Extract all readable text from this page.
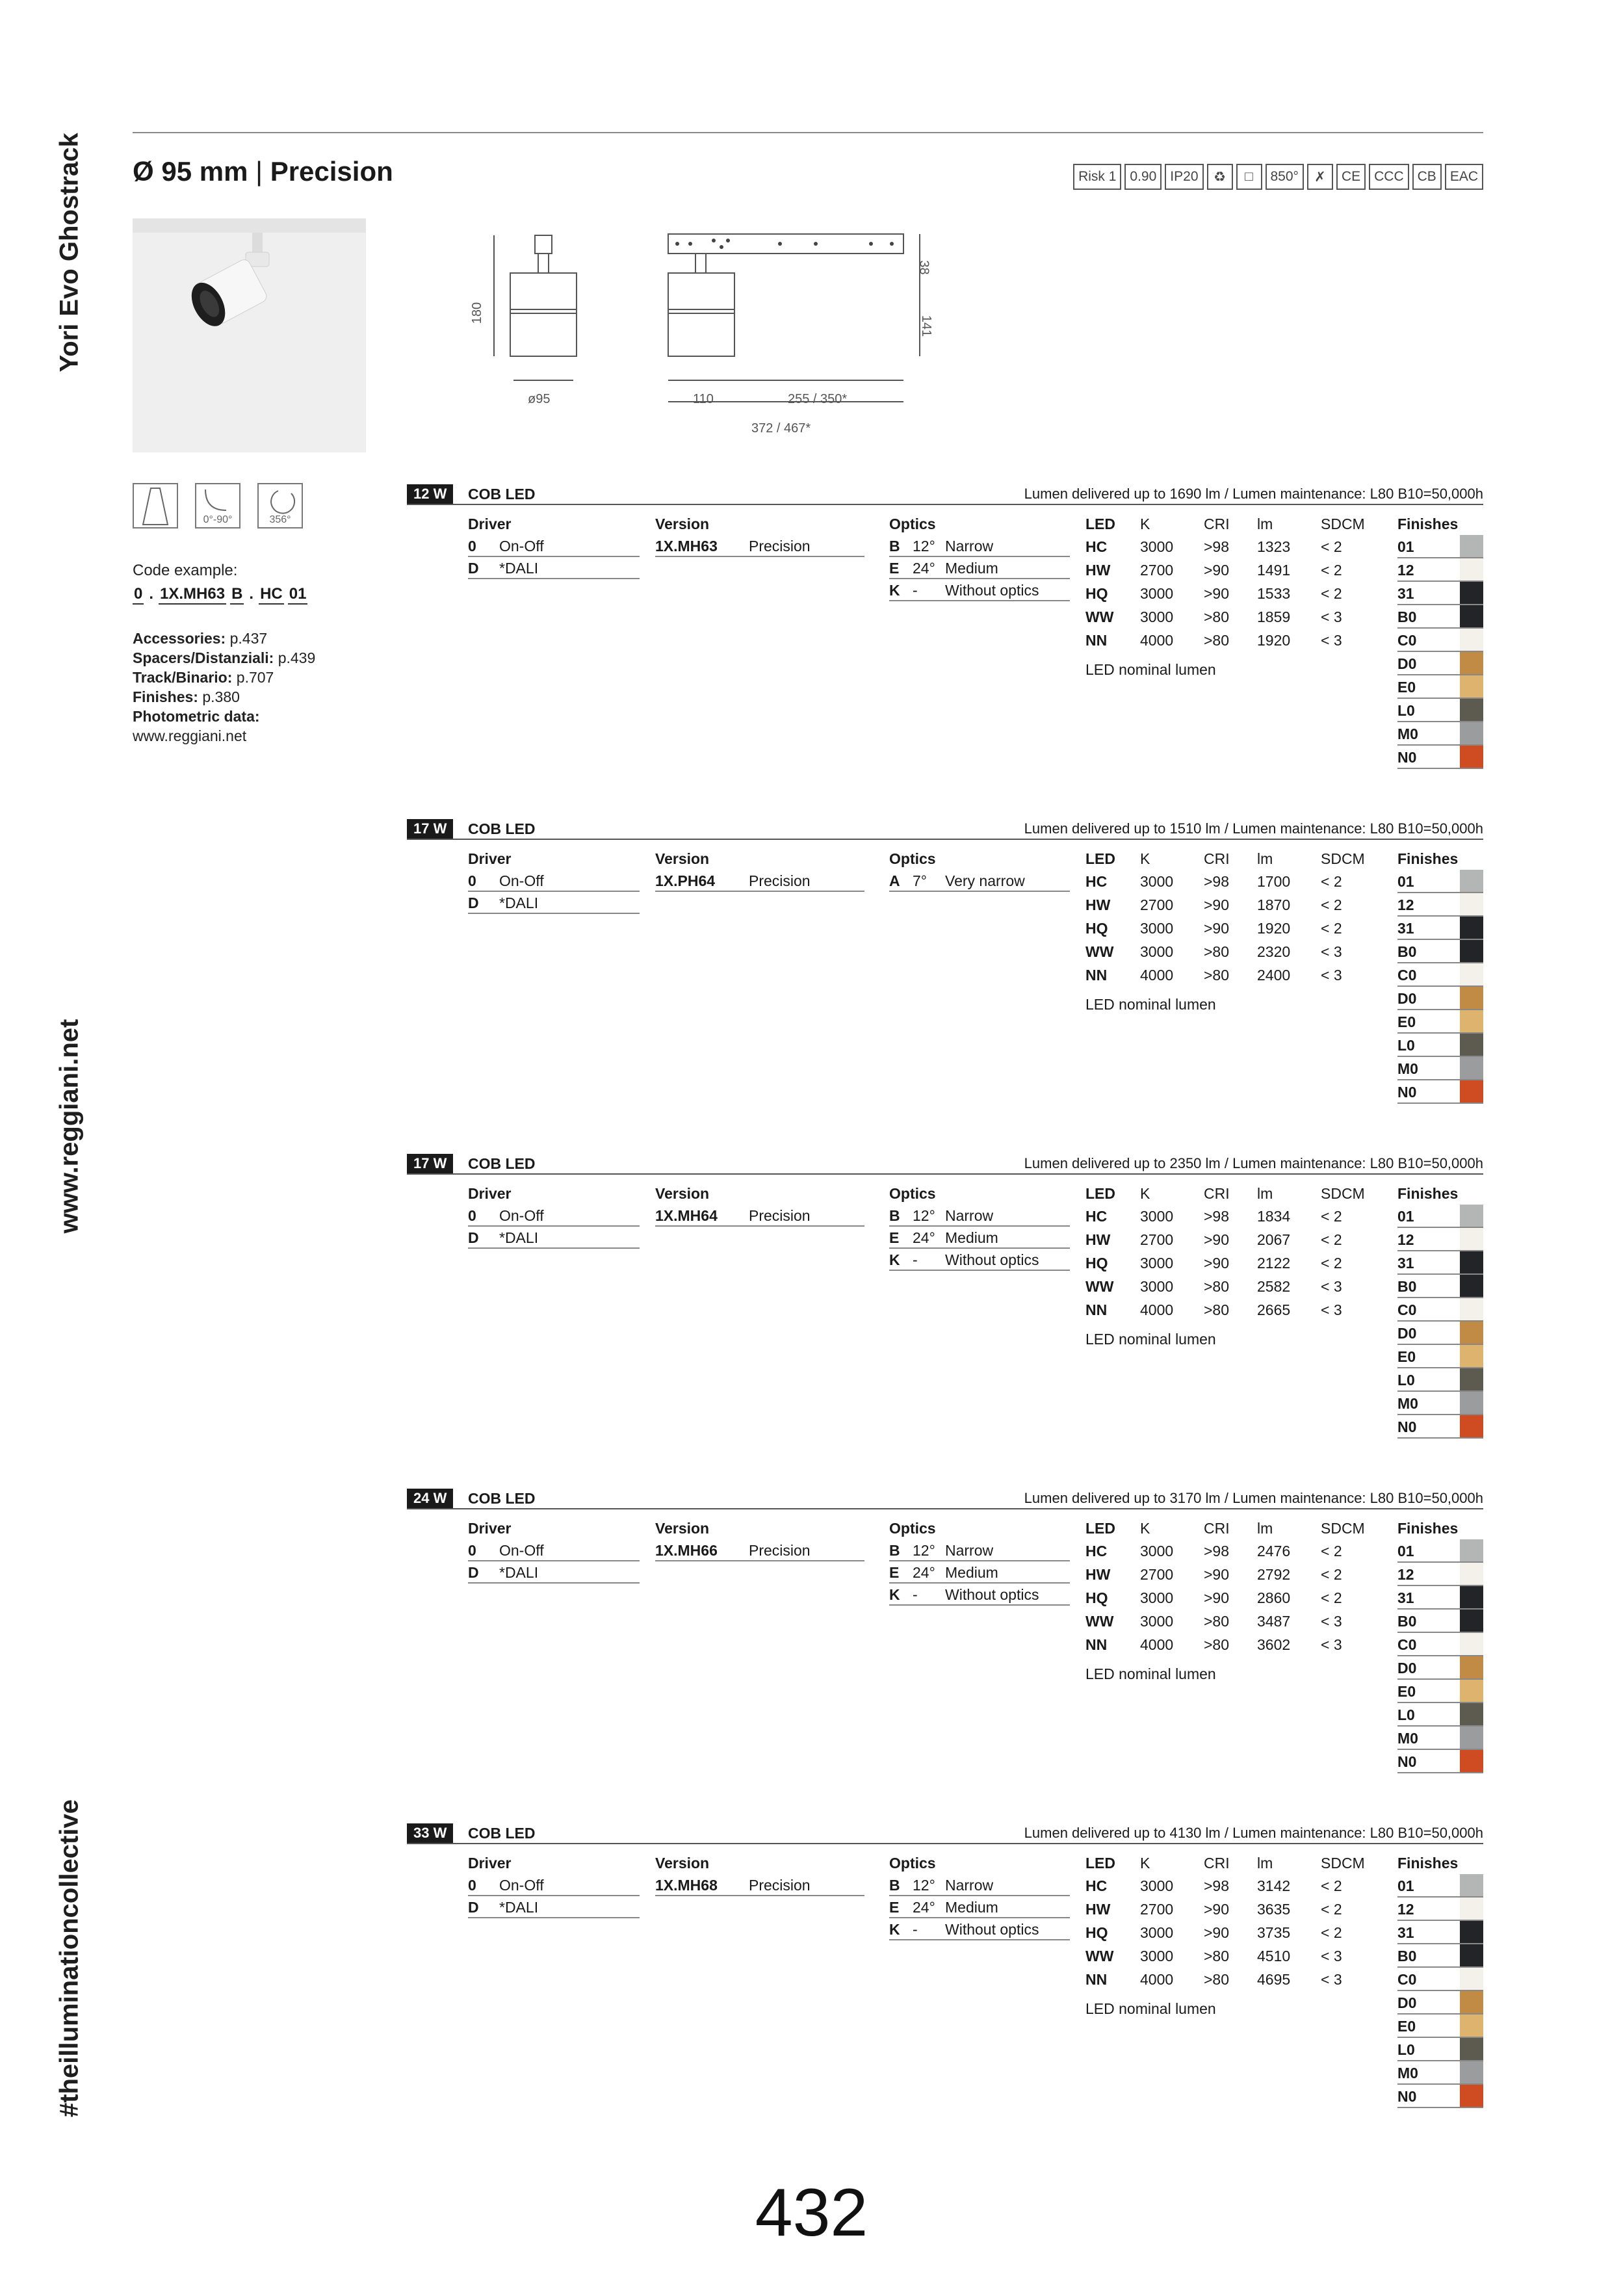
Yori Evo Ghostrack
www.reggiani.net
#theilluminationcollective
Ø 95 mm | Precision	Risk 1	0.90	IP20	♻	□	850°	✗	CE	CCC	CB	EAC
180
ø95
38
141
110	255 / 350*
372 / 467*
0°-90°	356°
Code example:
0 . 1X.MH63 B . HC 01
Accessories: p.437
Spacers/Distanziali: p.439
Track/Binario: p.707
Finishes: p.380
Photometric data:
www.reggiani.net
12 W	COB LED	Lumen delivered up to 1690 lm / Lumen maintenance: L80 B10=50,000h
Driver
0	On-Off
D	*DALI
Version
1X.MH63	Precision
Optics
B 12° Narrow
E 24° Medium
K -	Without optics
LED	K	CRI	lm	SDCM
HC	3000	>98	1323	< 2
HW	2700	>90	1491	< 2
HQ	3000	>90	1533	< 2
WW	3000	>80	1859	< 3
NN	4000	>80	1920	< 3
LED nominal lumen
Finishes
01
12
31
B0
C0
D0
E0
L0
M0
N0
17 W	COB LED	Lumen delivered up to 1510 lm / Lumen maintenance: L80 B10=50,000h
Driver
0	On-Off
D	*DALI
Version
1X.PH64	Precision
Optics
A 7°	Very narrow
LED	K	CRI	lm	SDCM
HC	3000	>98	1700	< 2
HW	2700	>90	1870	< 2
HQ	3000	>90	1920	< 2
WW	3000	>80	2320	< 3
NN	4000	>80	2400	< 3
LED nominal lumen
Finishes
01
12
31
B0
C0
D0
E0
L0
M0
N0
17 W	COB LED	Lumen delivered up to 2350 lm / Lumen maintenance: L80 B10=50,000h
Driver
0	On-Off
D	*DALI
Version
1X.MH64	Precision
Optics
B 12° Narrow
E 24° Medium
K -	Without optics
LED	K	CRI	lm	SDCM
HC	3000	>98	1834	< 2
HW	2700	>90	2067	< 2
HQ	3000	>90	2122	< 2
WW	3000	>80	2582	< 3
NN	4000	>80	2665	< 3
LED nominal lumen
Finishes
01
12
31
B0
C0
D0
E0
L0
M0
N0
24 W	COB LED	Lumen delivered up to 3170 lm / Lumen maintenance: L80 B10=50,000h
Driver
0	On-Off
D	*DALI
Version
1X.MH66	Precision
Optics
B 12° Narrow
E 24° Medium
K -	Without optics
LED	K	CRI	lm	SDCM
HC	3000	>98	2476	< 2
HW	2700	>90	2792	< 2
HQ	3000	>90	2860	< 2
WW	3000	>80	3487	< 3
NN	4000	>80	3602	< 3
LED nominal lumen
Finishes
01
12
31
B0
C0
D0
E0
L0
M0
N0
33 W	COB LED	Lumen delivered up to 4130 lm / Lumen maintenance: L80 B10=50,000h
Driver
0	On-Off
D	*DALI
Version
1X.MH68	Precision
Optics
B 12° Narrow
E 24° Medium
K -	Without optics
LED	K	CRI	lm	SDCM
HC	3000	>98	3142	< 2
HW	2700	>90	3635	< 2
HQ	3000	>90	3735	< 2
WW	3000	>80	4510	< 3
NN	4000	>80	4695	< 3
LED nominal lumen
Finishes
01
12
31
B0
C0
D0
E0
L0
M0
N0
432
